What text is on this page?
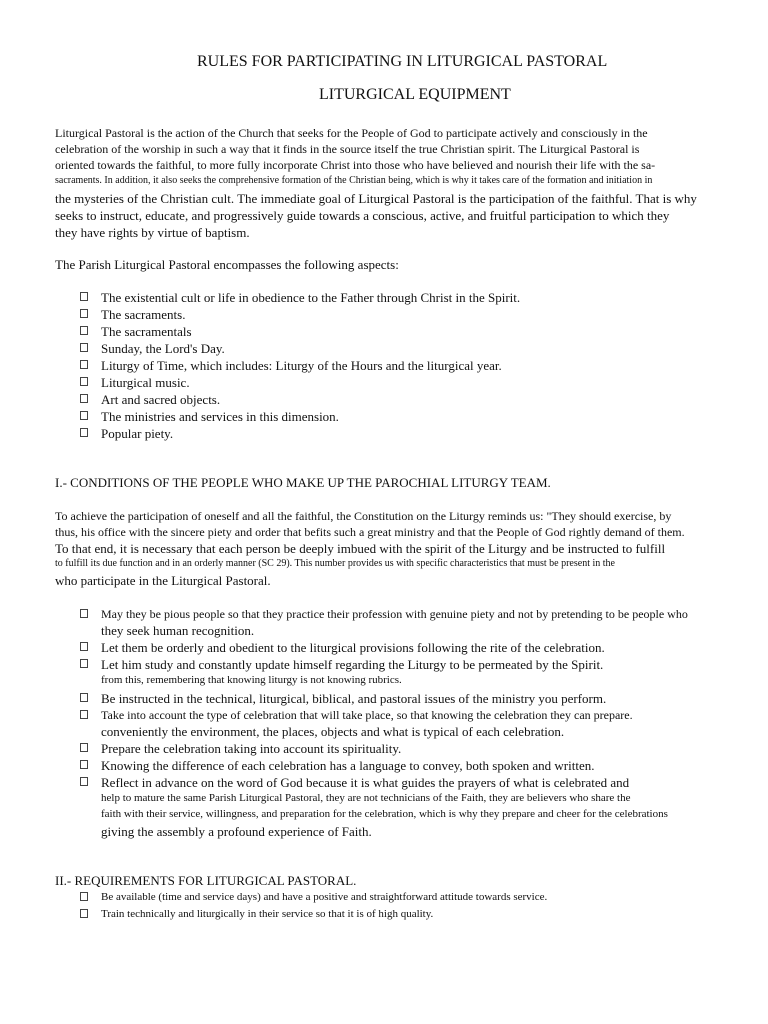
RULES FOR PARTICIPATING IN LITURGICAL PASTORAL
LITURGICAL EQUIPMENT
Liturgical Pastoral is the action of the Church that seeks for the People of God to participate actively and consciously in the
celebration of the worship in such a way that it finds in the source itself the true Christian spirit. The Liturgical Pastoral is
oriented towards the faithful, to more fully incorporate Christ into those who have believed and nourish their life with the sa-
sacraments. In addition, it also seeks the comprehensive formation of the Christian being, which is why it takes care of the formation and initiation in
the mysteries of the Christian cult. The immediate goal of Liturgical Pastoral is the participation of the faithful. That is why
seeks to instruct, educate, and progressively guide towards a conscious, active, and fruitful participation to which they
they have rights by virtue of baptism.
The Parish Liturgical Pastoral encompasses the following aspects:
The existential cult or life in obedience to the Father through Christ in the Spirit.
The sacraments.
The sacramentals
Sunday, the Lord's Day.
Liturgy of Time, which includes: Liturgy of the Hours and the liturgical year.
Liturgical music.
Art and sacred objects.
The ministries and services in this dimension.
Popular piety.
I.- CONDITIONS OF THE PEOPLE WHO MAKE UP THE PAROCHIAL LITURGY TEAM.
To achieve the participation of oneself and all the faithful, the Constitution on the Liturgy reminds us: "They should exercise, by
thus, his office with the sincere piety and order that befits such a great ministry and that the People of God rightly demand of them.
To that end, it is necessary that each person be deeply imbued with the spirit of the Liturgy and be instructed to fulfill
to fulfill its due function and in an orderly manner (SC 29). This number provides us with specific characteristics that must be present in the
who participate in the Liturgical Pastoral.
May they be pious people so that they practice their profession with genuine piety and not by pretending to be people who
they seek human recognition.
Let them be orderly and obedient to the liturgical provisions following the rite of the celebration.
Let him study and constantly update himself regarding the Liturgy to be permeated by the Spirit.
from this, remembering that knowing liturgy is not knowing rubrics.
Be instructed in the technical, liturgical, biblical, and pastoral issues of the ministry you perform.
Take into account the type of celebration that will take place, so that knowing the celebration they can prepare.
conveniently the environment, the places, objects and what is typical of each celebration.
Prepare the celebration taking into account its spirituality.
Knowing the difference of each celebration has a language to convey, both spoken and written.
Reflect in advance on the word of God because it is what guides the prayers of what is celebrated and
help to mature the same Parish Liturgical Pastoral, they are not technicians of the Faith, they are believers who share the
faith with their service, willingness, and preparation for the celebration, which is why they prepare and cheer for the celebrations
giving the assembly a profound experience of Faith.
II.- REQUIREMENTS FOR LITURGICAL PASTORAL.
Be available (time and service days) and have a positive and straightforward attitude towards service.
Train technically and liturgically in their service so that it is of high quality.
